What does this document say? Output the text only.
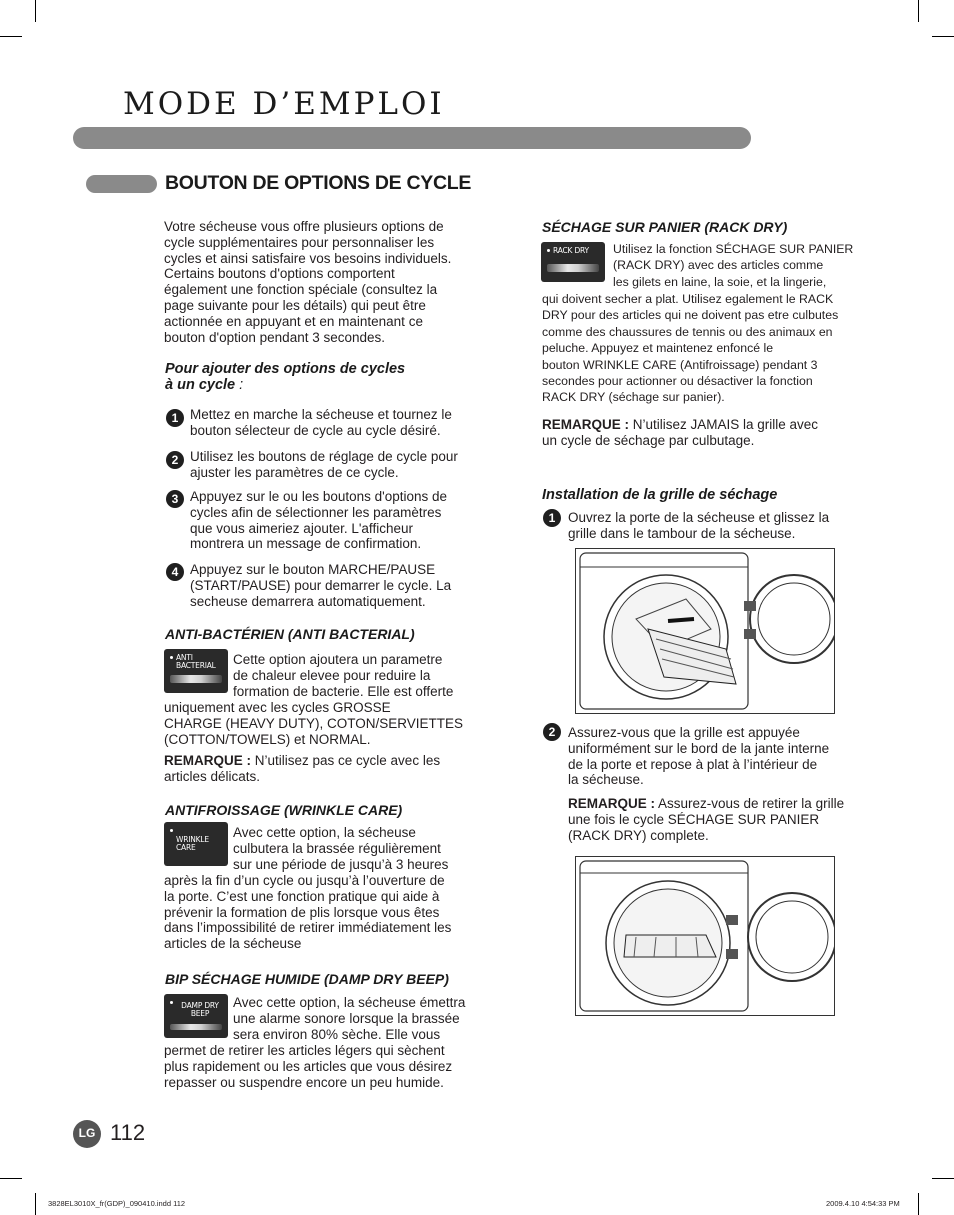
MODE D’EMPLOI
BOUTON DE OPTIONS DE CYCLE
Votre sécheuse vous offre plusieurs options de
cycle supplémentaires pour personnaliser les
cycles et ainsi satisfaire vos besoins individuels.
Certains boutons d'options comportent
également une fonction spéciale (consultez la
page suivante pour les détails) qui peut être
actionnée en appuyant et en maintenant ce
bouton d'option pendant 3 secondes.
Pour ajouter des options de cycles
à un cycle :
1 Mettez en marche la sécheuse et tournez le
bouton sélecteur de cycle au cycle désiré.
2 Utilisez les boutons de réglage de cycle pour
ajuster les paramètres de ce cycle.
3 Appuyez sur le ou les boutons d'options de
cycles afin de sélectionner les paramètres
que vous aimeriez ajouter. L'afficheur
montrera un message de confirmation.
4 Appuyez sur le bouton MARCHE/PAUSE
(START/PAUSE) pour demarrer le cycle. La
secheuse demarrera automatiquement.
ANTI-BACTÉRIEN (ANTI BACTERIAL)
ANTI BACTERIAL	Cette option ajoutera un parametre
de chaleur elevee pour reduire la
formation de bacterie. Elle est offerte
uniquement avec les cycles GROSSE
CHARGE (HEAVY DUTY), COTON/SERVIETTES
(COTTON/TOWELS) et NORMAL.
REMARQUE : N’utilisez pas ce cycle avec les
articles délicats.
ANTIFROISSAGE (WRINKLE CARE)
WRINKLE CARE
Avec cette option, la sécheuse
culbutera la brassée régulièrement
sur une période de jusqu’à 3 heures
après la fin d’un cycle ou jusqu’à l’ouverture de
la porte. C’est une fonction pratique qui aide à
prévenir la formation de plis lorsque vous êtes
dans l’impossibilité de retirer immédiatement les
articles de la sécheuse
BIP SÉCHAGE HUMIDE (DAMP DRY BEEP)
DAMP DRY
BEEP
Avec cette option, la sécheuse émettra
une alarme sonore lorsque la brassée
sera environ 80% sèche. Elle vous
permet de retirer les articles légers qui sèchent
plus rapidement ou les articles que vous désirez
repasser ou suspendre encore un peu humide.
SÉCHAGE SUR PANIER (RACK DRY)
RACK DRY	Utilisez la fonction SÉCHAGE SUR PANIER
(RACK DRY) avec des articles comme
les gilets en laine, la soie, et la lingerie,
qui doivent secher a plat. Utilisez egalement le RACK
DRY pour des articles qui ne doivent pas etre culbutes
comme des chaussures de tennis ou des animaux en
peluche. Appuyez et maintenez enfoncé le
bouton WRINKLE CARE (Antifroissage) pendant 3
secondes pour actionner ou désactiver la fonction
RACK DRY (séchage sur panier).
REMARQUE : N’utilisez JAMAIS la grille avec
un cycle de séchage par culbutage.
Installation de la grille de séchage
1 Ouvrez la porte de la sécheuse et glissez la
grille dans le tambour de la sécheuse.
2 Assurez-vous que la grille est appuyée
uniformément sur le bord de la jante interne
de la porte et repose à plat à l’intérieur de
la sécheuse.
REMARQUE : Assurez-vous de retirer la grille
une fois le cycle SÉCHAGE SUR PANIER
(RACK DRY) complete.
LG 112
3828EL3010X_fr(GDP)_090410.indd 112	2009.4.10 4:54:33 PM
